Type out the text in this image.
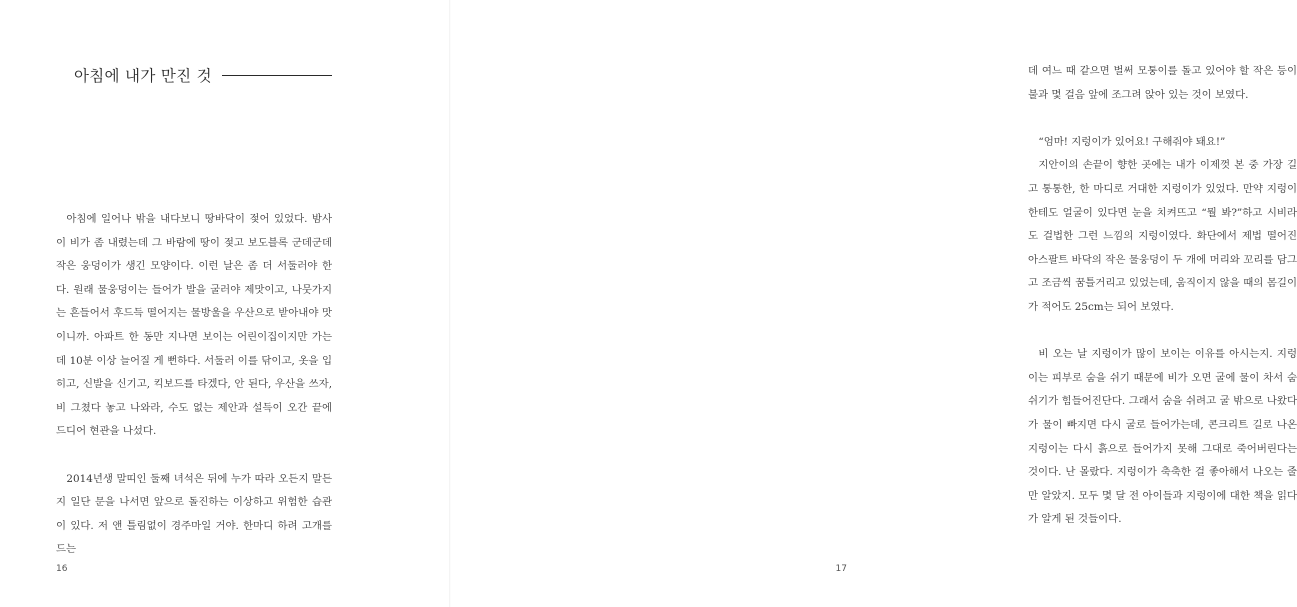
아침에 내가 만진 것

아침에 일어나 밖을 내다보니 땅바닥이 젖어 있었다. 밤사이 비가 좀 내렸는데 그 바람에 땅이 젖고 보도블록 군데군데 작은 웅덩이가 생긴 모양이다. 이런 날은 좀 더 서둘러야 한다. 원래 물웅덩이는 들어가 발을 굴러야 제맛이고, 나뭇가지는 흔들어서 후드득 떨어지는 물방울을 우산으로 받아내야 맛이니까. 아파트 한 동만 지나면 보이는 어린이집이지만 가는 데 10분 이상 늘어질 게 뻔하다. 서둘러 이를 닦이고, 옷을 입히고, 신발을 신기고, 킥보드를 타겠다, 안 된다, 우산을 쓰자, 비 그쳤다 놓고 나와라, 수도 없는 제안과 설득이 오간 끝에 드디어 현관을 나섰다.

2014년생 말띠인 둘째 녀석은 뒤에 누가 따라 오든지 말든지 일단 문을 나서면 앞으로 돌진하는 이상하고 위험한 습관이 있다. 저 앤 틀림없이 경주마일 거야. 한마디 하려 고개를 드는

16

데 여느 때 같으면 벌써 모퉁이를 돌고 있어야 할 작은 등이 불과 몇 걸음 앞에 조그려 앉아 있는 것이 보였다.

“엄마! 지렁이가 있어요! 구해줘야 돼요!”

지안이의 손끝이 향한 곳에는 내가 이제껏 본 중 가장 길고 통통한, 한 마디로 거대한 지렁이가 있었다. 만약 지렁이한테도 얼굴이 있다면 눈을 치켜뜨고 “뭘 봐?”하고 시비라도 걸법한 그런 느낌의 지렁이였다. 화단에서 제법 떨어진 아스팔트 바닥의 작은 물웅덩이 두 개에 머리와 꼬리를 담그고 조금씩 꿈틀거리고 있었는데, 움직이지 않을 때의 몸길이가 적어도 25cm는 되어 보였다.

비 오는 날 지렁이가 많이 보이는 이유를 아시는지. 지렁이는 피부로 숨을 쉬기 때문에 비가 오면 굴에 물이 차서 숨쉬기가 힘들어진단다. 그래서 숨을 쉬려고 굴 밖으로 나왔다가 물이 빠지면 다시 굴로 들어가는데, 콘크리트 길로 나온 지렁이는 다시 흙으로 들어가지 못해 그대로 죽어버린다는 것이다. 난 몰랐다. 지렁이가 축축한 걸 좋아해서 나오는 줄만 알았지. 모두 몇 달 전 아이들과 지렁이에 대한 책을 읽다가 알게 된 것들이다.

17
